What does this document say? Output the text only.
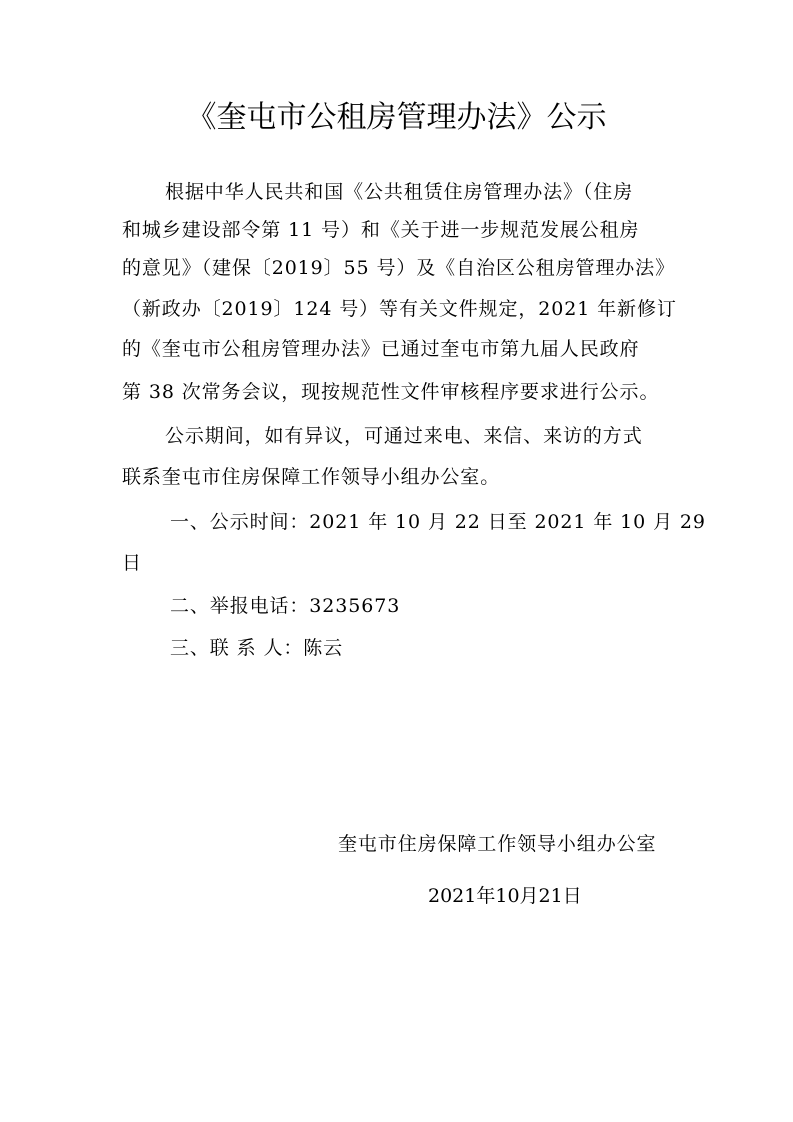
《奎屯市公租房管理办法》公示
根据中华人民共和国《公共租赁住房管理办法》（住房
和城乡建设部令第 11 号）和《关于进一步规范发展公租房
的意见》（建保〔2019〕55 号）及《自治区公租房管理办法》
（新政办〔2019〕124 号）等有关文件规定，2021 年新修订
的《奎屯市公租房管理办法》已通过奎屯市第九届人民政府
第 38 次常务会议，现按规范性文件审核程序要求进行公示。
公示期间，如有异议，可通过来电、来信、来访的方式
联系奎屯市住房保障工作领导小组办公室。
一、公示时间：2021 年 10 月 22 日至 2021 年 10 月 29
日
二、举报电话：3235673
三、联 系 人：陈云
奎屯市住房保障工作领导小组办公室
2021年10月21日
